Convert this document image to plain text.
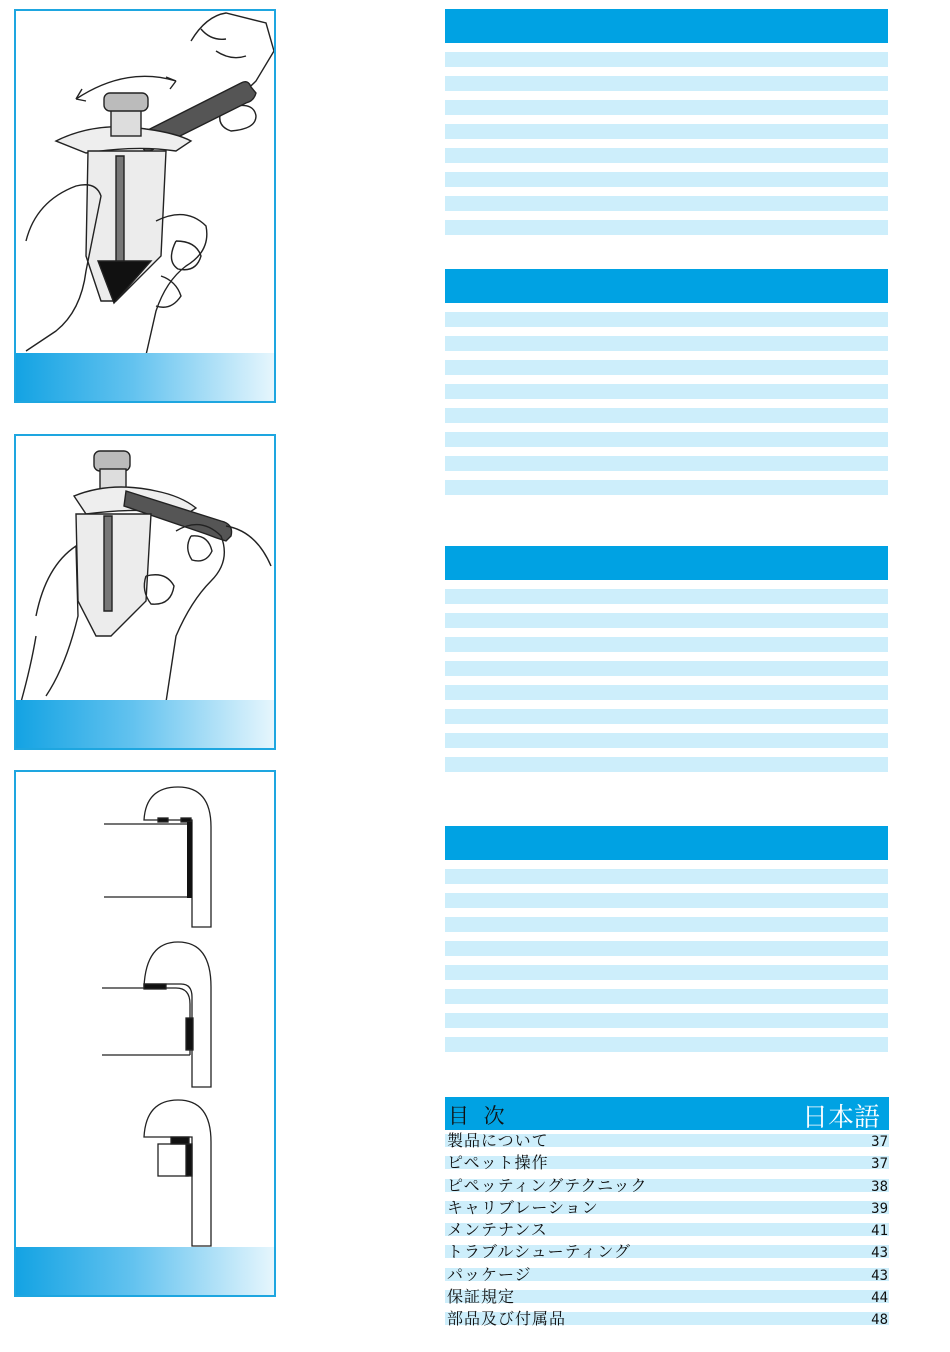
目 次	日本語
製品について	37
ピペット操作	37
ピペッティングテクニック	38
キャリブレーション	39
メンテナンス	41
トラブルシューティング	43
パッケージ	43
保証規定	44
部品及び付属品	48
